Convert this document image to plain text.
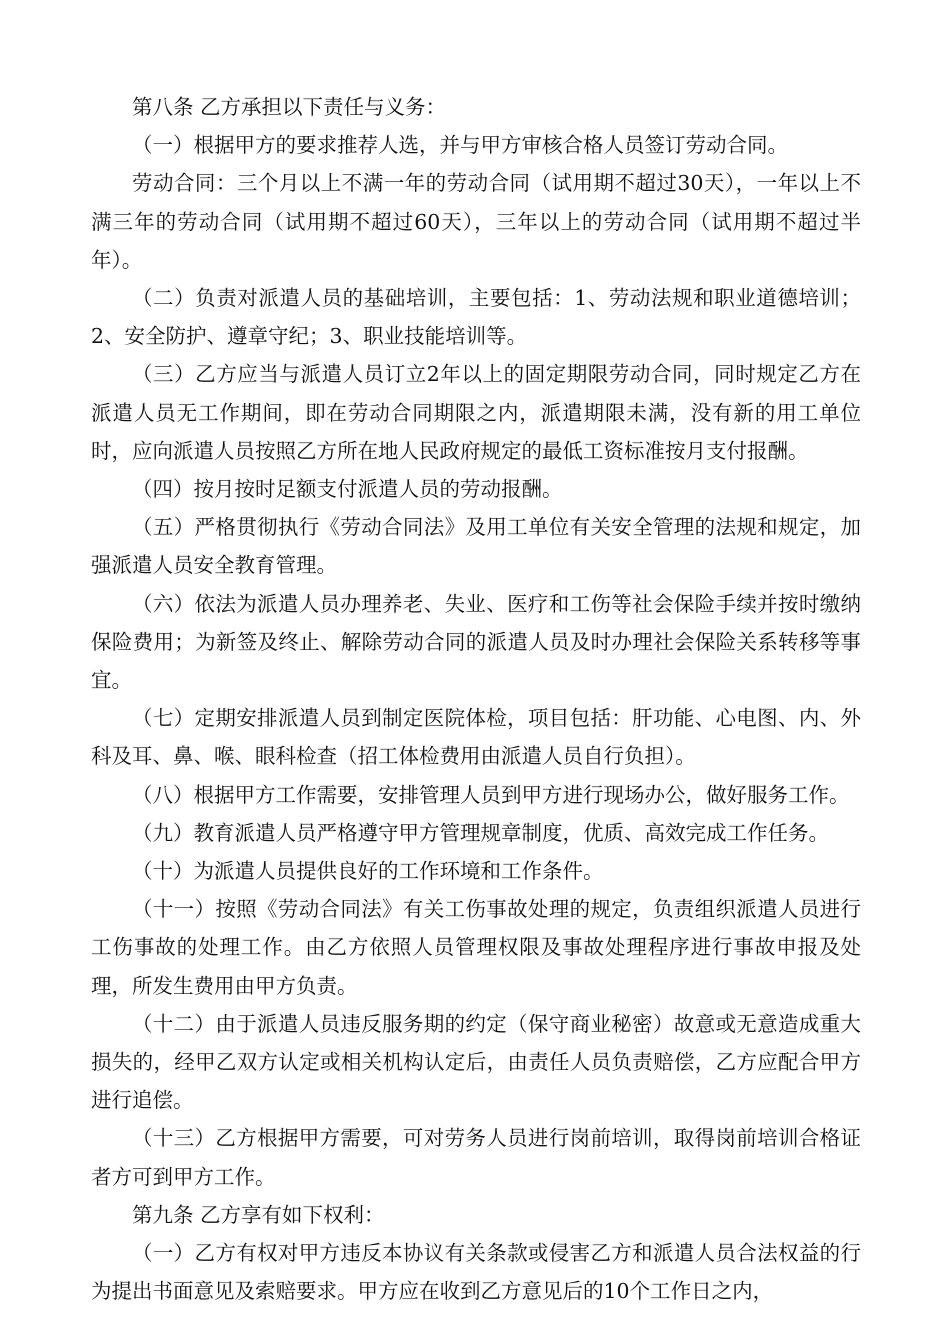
第八条 乙方承担以下责任与义务：

（一）根据甲方的要求推荐人选，并与甲方审核合格人员签订劳动合同。

劳动合同：三个月以上不满一年的劳动合同（试用期不超过30天），一年以上不满三年的劳动合同（试用期不超过60天），三年以上的劳动合同（试用期不超过半年）。

（二）负责对派遣人员的基础培训，主要包括：1、劳动法规和职业道德培训；2、安全防护、遵章守纪；3、职业技能培训等。

（三）乙方应当与派遣人员订立2年以上的固定期限劳动合同，同时规定乙方在派遣人员无工作期间，即在劳动合同期限之内，派遣期限未满，没有新的用工单位时，应向派遣人员按照乙方所在地人民政府规定的最低工资标准按月支付报酬。

（四）按月按时足额支付派遣人员的劳动报酬。

（五）严格贯彻执行《劳动合同法》及用工单位有关安全管理的法规和规定，加强派遣人员安全教育管理。

（六）依法为派遣人员办理养老、失业、医疗和工伤等社会保险手续并按时缴纳保险费用；为新签及终止、解除劳动合同的派遣人员及时办理社会保险关系转移等事宜。

（七）定期安排派遣人员到制定医院体检，项目包括：肝功能、心电图、内、外科及耳、鼻、喉、眼科检查（招工体检费用由派遣人员自行负担）。

（八）根据甲方工作需要，安排管理人员到甲方进行现场办公，做好服务工作。

（九）教育派遣人员严格遵守甲方管理规章制度，优质、高效完成工作任务。

（十）为派遣人员提供良好的工作环境和工作条件。

（十一）按照《劳动合同法》有关工伤事故处理的规定，负责组织派遣人员进行工伤事故的处理工作。由乙方依照人员管理权限及事故处理程序进行事故申报及处理，所发生费用由甲方负责。

（十二）由于派遣人员违反服务期的约定（保守商业秘密）故意或无意造成重大损失的，经甲乙双方认定或相关机构认定后，由责任人员负责赔偿，乙方应配合甲方进行追偿。

（十三）乙方根据甲方需要，可对劳务人员进行岗前培训，取得岗前培训合格证者方可到甲方工作。

第九条 乙方享有如下权利：

（一）乙方有权对甲方违反本协议有关条款或侵害乙方和派遣人员合法权益的行为提出书面意见及索赔要求。甲方应在收到乙方意见后的10个工作日之内，
